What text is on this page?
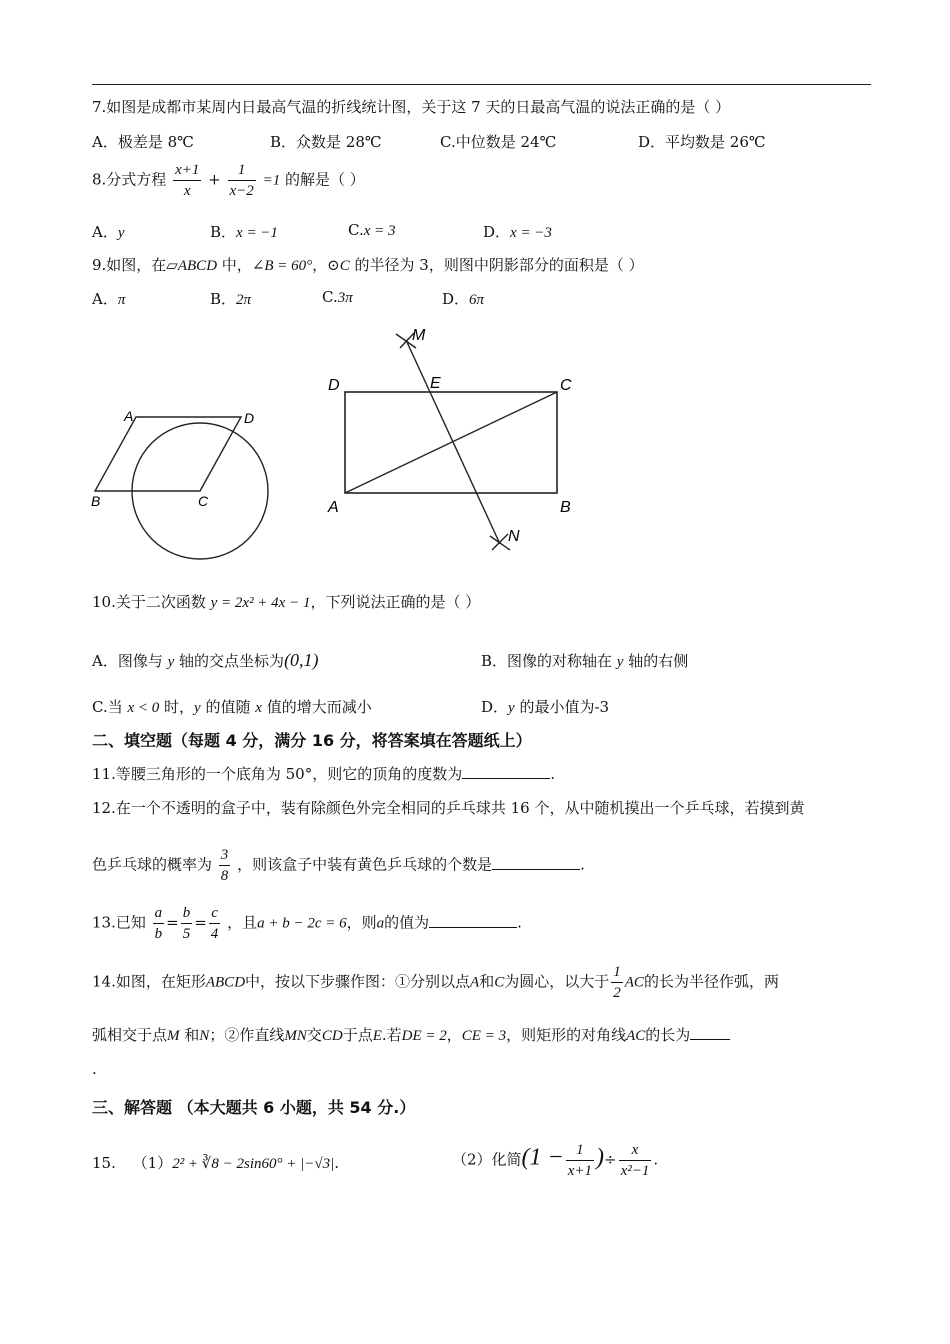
7.如图是成都市某周内日最高气温的折线统计图，关于这 7 天的日最高气温的说法正确的是（ ）
A．极差是 8℃	B．众数是 28℃	C.中位数是 24℃	D．平均数是 26℃
8.分式方程 $\frac{x+1}{x} + \frac{1}{x-2} =1$ 的解是（ ）
A．y	B．x = −1	C.x = 3	D．x = −3
9.如图，在▱ABCD 中，∠B = 60°，⊙C 的半径为 3，则图中阴影部分的面积是（ ）
A．π	B．2π	C.3π	D．6π
A	D
B	C
M
N
D	E	C
A	B
10.关于二次函数 y = 2x² + 4x − 1，下列说法正确的是（ ）
A．图像与 y 轴的交点坐标为(0,1)	B．图像的对称轴在 y 轴的右侧
C.当 x < 0 时，y 的值随 x 值的增大而减小	D．y 的最小值为-3
二、填空题（每题 4 分，满分 16 分，将答案填在答题纸上）
11.等腰三角形的一个底角为 50°，则它的顶角的度数为	.
12.在一个不透明的盒子中，装有除颜色外完全相同的乒乓球共 16 个，从中随机摸出一个乒乓球，若摸到黄
色乒乓球的概率为 $\frac{3}{8}$ ，则该盒子中装有黄色乒乓球的个数是	.
13.已知 $\frac{a}{b} = \frac{b}{5} = \frac{c}{4}$ ，且a + b − 2c = 6，则a的值为	.
14.如图，在矩形ABCD中，按以下步骤作图：①分别以点A和C为圆心，以大于 $\frac{1}{2}$ AC的长为半径作弧，两
弧相交于点M 和N；②作直线MN交CD于点E.若DE = 2，CE = 3，则矩形的对角线AC的长为
.
三、解答题 （本大题共 6 小题，共 54 分.）
15. （1）2² + ∛8 − 2sin60° + |−√3|.	（2）化简($1 - \frac{1}{x+1}$ )÷ $\frac{x}{\text{x²−1}}$ .
